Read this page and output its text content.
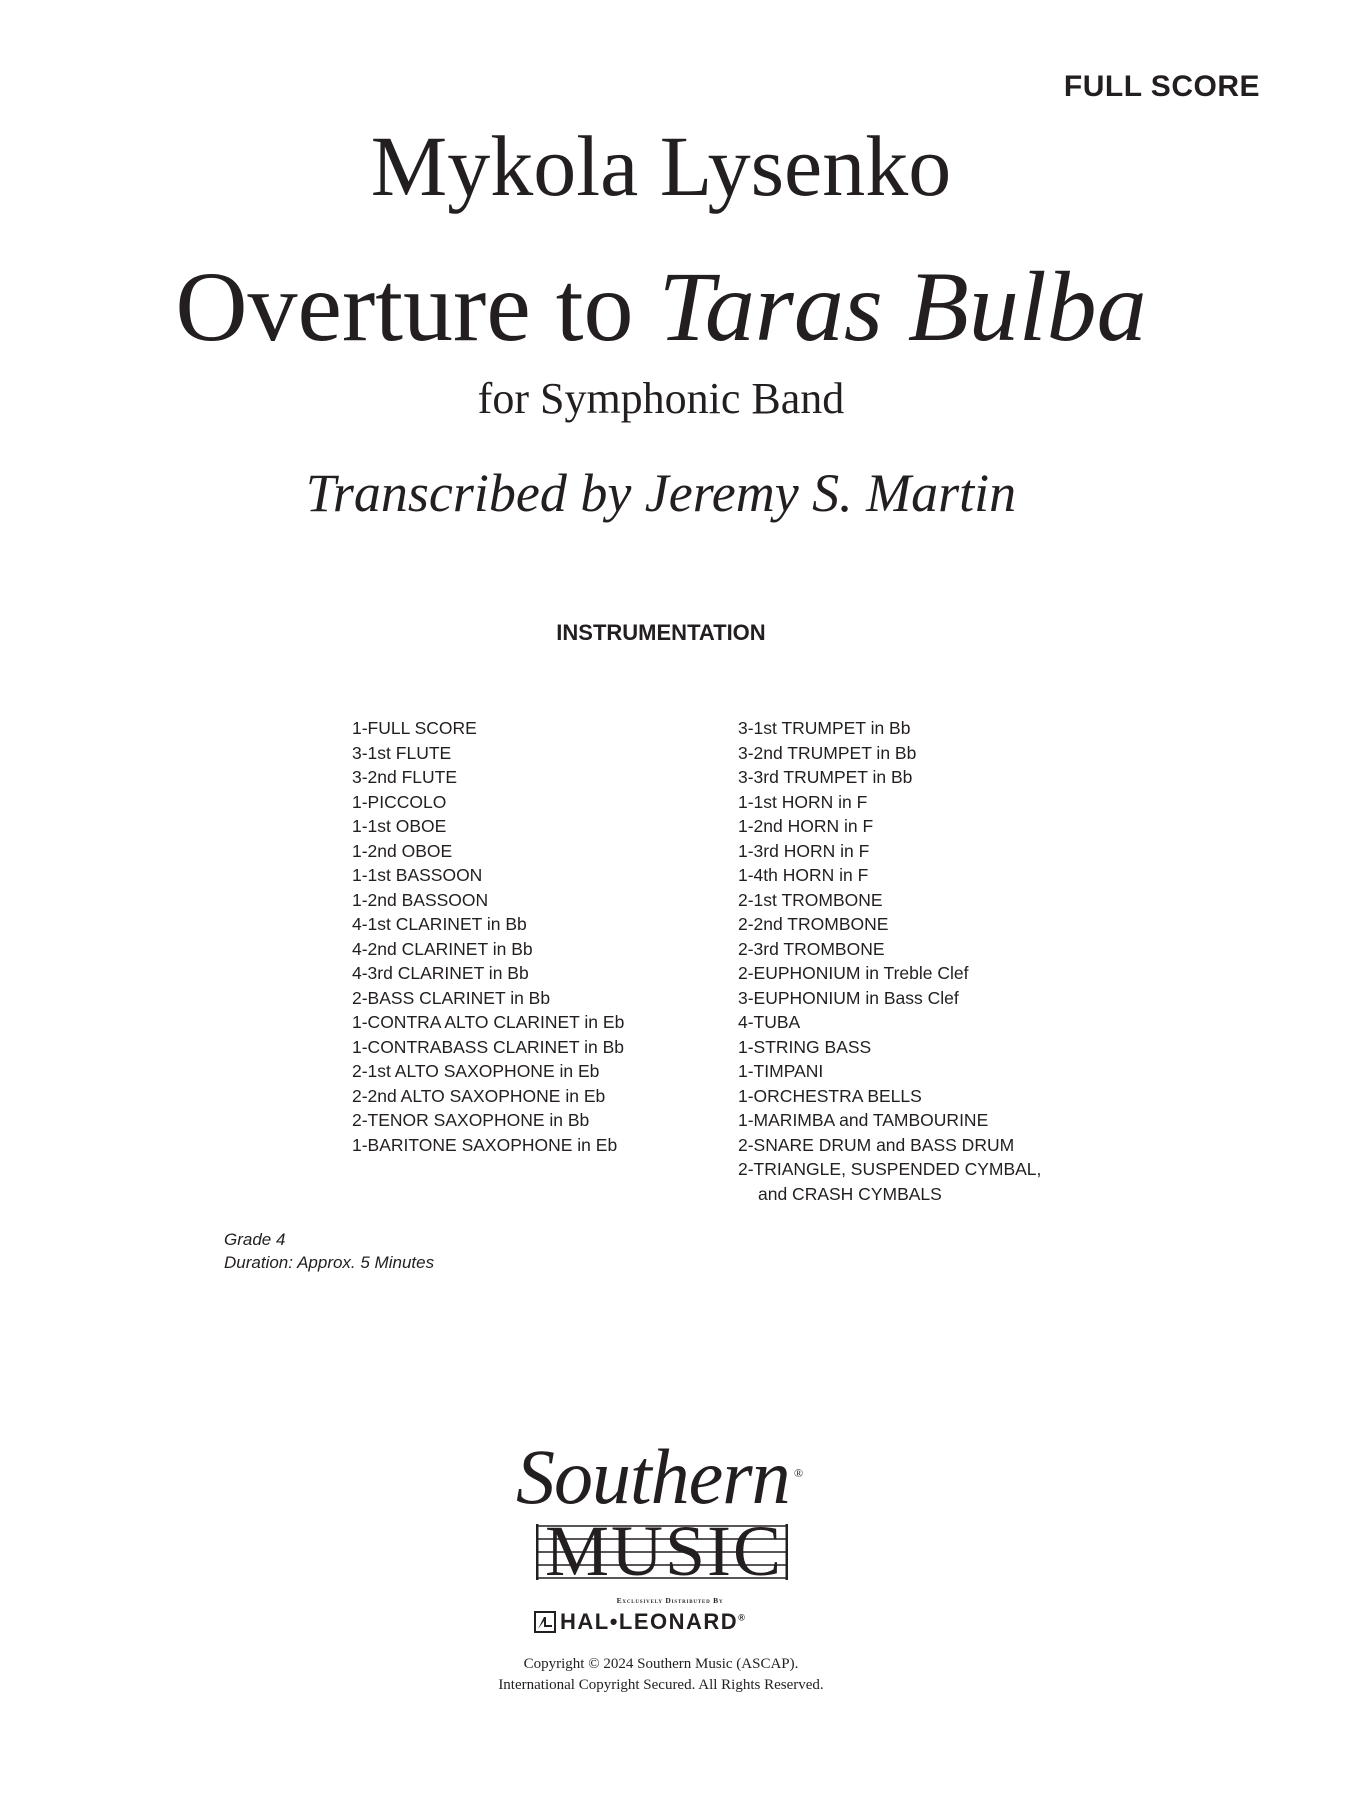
FULL SCORE
Mykola Lysenko
Overture to Taras Bulba
for Symphonic Band
Transcribed by Jeremy S. Martin
INSTRUMENTATION
1-FULL SCORE
3-1st FLUTE
3-2nd FLUTE
1-PICCOLO
1-1st OBOE
1-2nd OBOE
1-1st BASSOON
1-2nd BASSOON
4-1st CLARINET in Bb
4-2nd CLARINET in Bb
4-3rd CLARINET in Bb
2-BASS CLARINET in Bb
1-CONTRA ALTO CLARINET in Eb
1-CONTRABASS CLARINET in Bb
2-1st ALTO SAXOPHONE in Eb
2-2nd ALTO SAXOPHONE in Eb
2-TENOR SAXOPHONE in Bb
1-BARITONE SAXOPHONE in Eb
3-1st TRUMPET in Bb
3-2nd TRUMPET in Bb
3-3rd TRUMPET in Bb
1-1st HORN in F
1-2nd HORN in F
1-3rd HORN in F
1-4th HORN in F
2-1st TROMBONE
2-2nd TROMBONE
2-3rd TROMBONE
2-EUPHONIUM in Treble Clef
3-EUPHONIUM in Bass Clef
4-TUBA
1-STRING BASS
1-TIMPANI
1-ORCHESTRA BELLS
1-MARIMBA and TAMBOURINE
2-SNARE DRUM and BASS DRUM
2-TRIANGLE, SUSPENDED CYMBAL,
and CRASH CYMBALS
Grade 4
Duration: Approx. 5 Minutes
Southern ®
MUSIC
Exclusively Distributed By
HAL•LEONARD®
Copyright © 2024 Southern Music (ASCAP).
International Copyright Secured. All Rights Reserved.
